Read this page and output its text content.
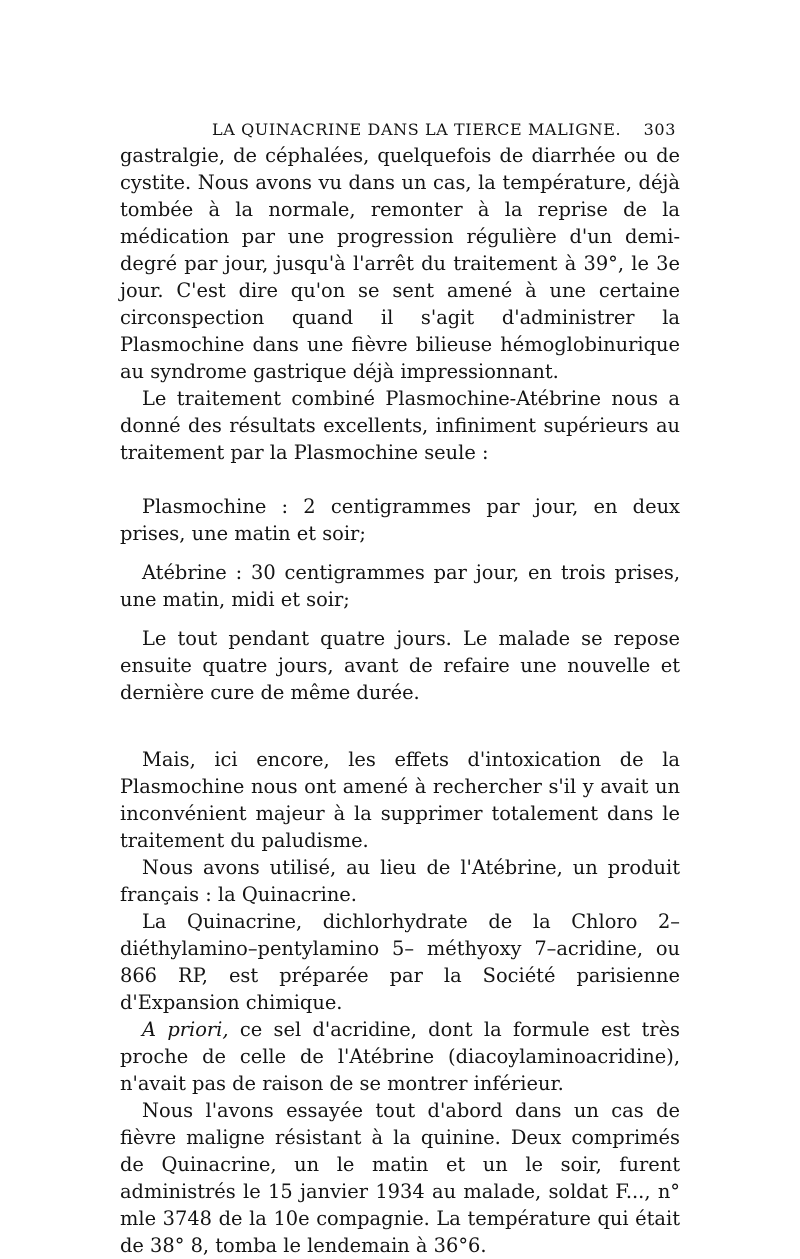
LA QUINACRINE DANS LA TIERCE MALIGNE. 303

gastralgie, de céphalées, quelquefois de diarrhée ou de cystite. Nous avons vu dans un cas, la température, déjà tombée à la normale, remonter à la reprise de la médication par une progression régulière d'un demi-degré par jour, jusqu'à l'arrêt du traitement à 39°, le 3e jour. C'est dire qu'on se sent amené à une certaine circonspection quand il s'agit d'administrer la Plasmochine dans une fièvre bilieuse hémoglobinurique au syndrome gastrique déjà impressionnant.

Le traitement combiné Plasmochine-Atébrine nous a donné des résultats excellents, infiniment supérieurs au traitement par la Plasmochine seule :

Plasmochine : 2 centigrammes par jour, en deux prises, une matin et soir;

Atébrine : 30 centigrammes par jour, en trois prises, une matin, midi et soir;

Le tout pendant quatre jours. Le malade se repose ensuite quatre jours, avant de refaire une nouvelle et dernière cure de même durée.

Mais, ici encore, les effets d'intoxication de la Plasmochine nous ont amené à rechercher s'il y avait un inconvénient majeur à la supprimer totalement dans le traitement du paludisme.

Nous avons utilisé, au lieu de l'Atébrine, un produit français : la Quinacrine.

La Quinacrine, dichlorhydrate de la Chloro 2–diéthylamino–pentylamino 5– méthyoxy 7–acridine, ou 866 RP, est préparée par la Société parisienne d'Expansion chimique.

A priori, ce sel d'acridine, dont la formule est très proche de celle de l'Atébrine (diacoylaminoacridine), n'avait pas de raison de se montrer inférieur.

Nous l'avons essayée tout d'abord dans un cas de fièvre maligne résistant à la quinine. Deux comprimés de Quinacrine, un le matin et un le soir, furent administrés le 15 janvier 1934 au malade, soldat F..., n° mle 3748 de la 10e compagnie. La température qui était de 38° 8, tomba le lendemain à 36°6.
